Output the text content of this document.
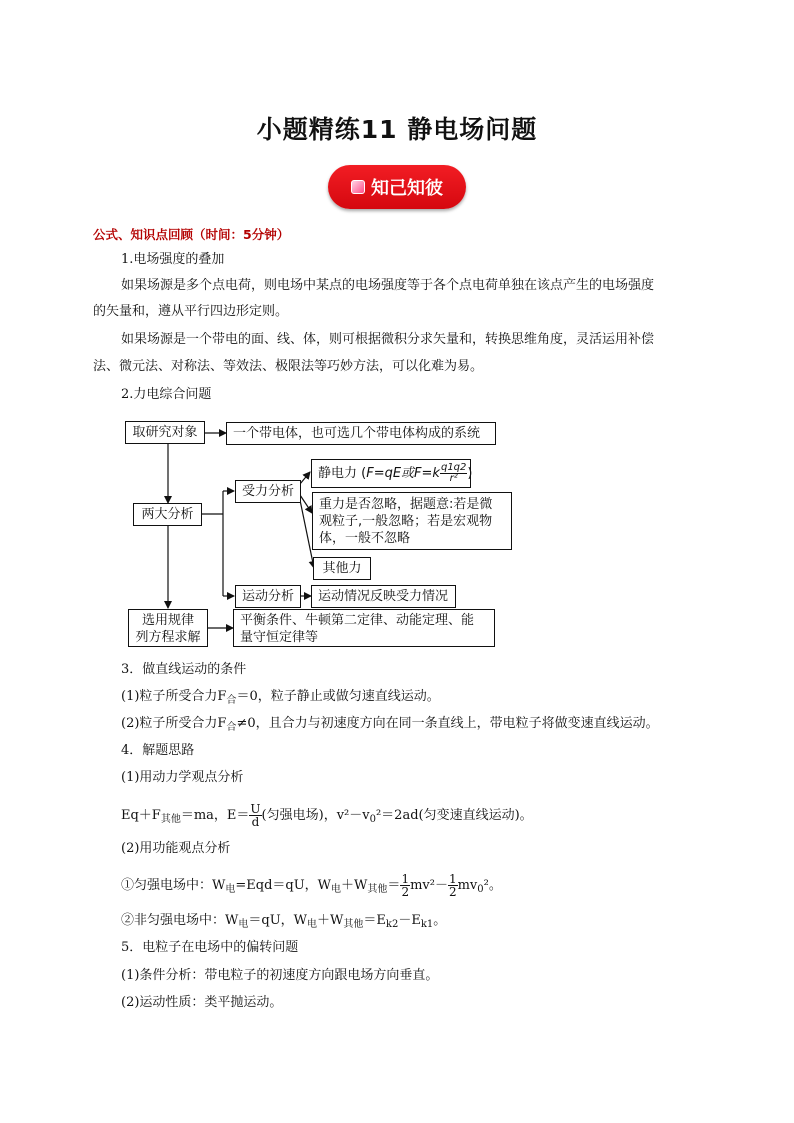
小题精练11 静电场问题
知己知彼
公式、知识点回顾（时间：5分钟）
1.电场强度的叠加
如果场源是多个点电荷，则电场中某点的电场强度等于各个点电荷单独在该点产生的电场强度
的矢量和，遵从平行四边形定则。
如果场源是一个带电的面、线、体，则可根据微积分求矢量和，转换思维角度，灵活运用补偿
法、微元法、对称法、等效法、极限法等巧妙方法，可以化难为易。
2.力电综合问题
取研究对象	一个带电体，也可选几个带电体构成的系统
两大分析
受力分析
静电力 ( F=qE或$F=k \frac{q1q2}{\text{r²}}$ )
重力是否忽略，据题意:若是微
观粒子,一般忽略；若是宏观物
体，一般不忽略
其他力
运动分析	运动情况反映受力情况
选用规律
列方程求解
平衡条件、牛顿第二定律、动能定理、能
量守恒定律等
3．做直线运动的条件
(1)粒子所受合力$F_合=0$，粒子静止或做匀速直线运动。
(2)粒子所受合力$F_合\ne 0$，且合力与初速度方向在同一条直线上，带电粒子将做变速直线运动。
4．解题思路
(1)用动力学观点分析
$Eq+F_{其他}=ma$，$E= \frac{U}{d}$ (匀强电场)，$v^2-v_0^2=2ad$(匀变速直线运动)。
(2)用功能观点分析
①匀强电场中：$W_电=Eqd=qU$，$W_电+W_{其他}= \frac{1}{2} mv^2- \frac{1}{2} mv_0^2$。
②非匀强电场中：$W_电=qU$，$W_电+W_{其他}=E_{k2}-E_{k1}$。
5．电粒子在电场中的偏转问题
(1)条件分析：带电粒子的初速度方向跟电场方向垂直。
(2)运动性质：类平抛运动。
